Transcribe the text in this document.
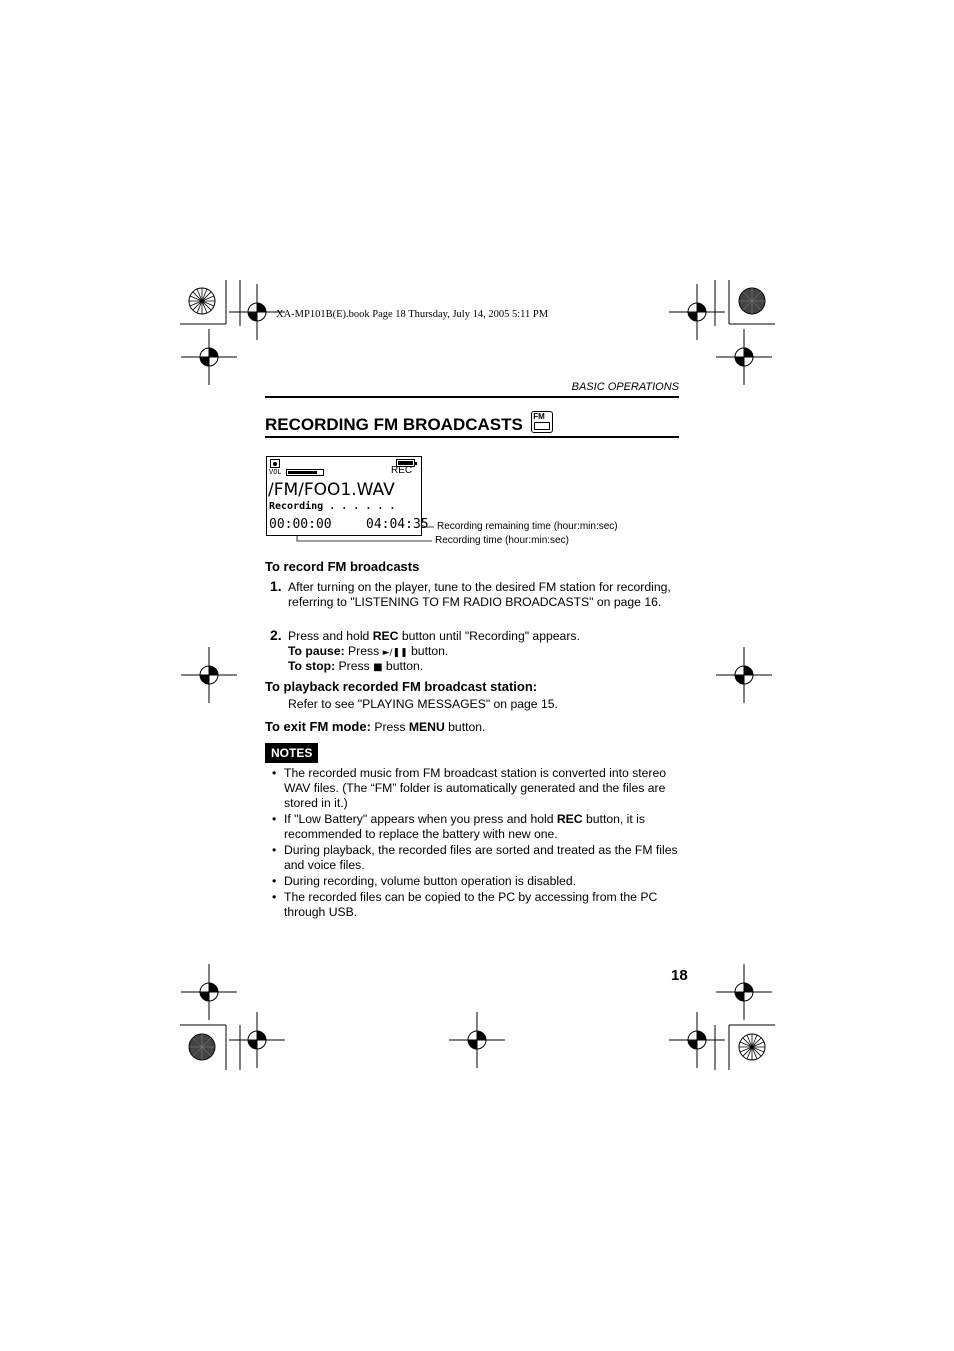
XA-MP101B(E).book Page 18 Thursday, July 14, 2005 5:11 PM
BASIC OPERATIONS
RECORDING FM BROADCASTS FM
VOL	REC
/FM/FOO1.WAV
Recording . . . . . .
00:00:00	04:04:35 Recording remaining time (hour:min:sec)
Recording time (hour:min:sec)
To record FM broadcasts
1. After turning on the player, tune to the desired FM station for recording, referring to "LISTENING TO FM RADIO BROADCASTS" on page 16.
2. Press and hold REC button until "Recording" appears.
To pause: Press ►/❚❚ button.
To stop: Press ■ button.
To playback recorded FM broadcast station:
Refer to see "PLAYING MESSAGES" on page 15.
To exit FM mode: Press MENU button.
NOTES
• The recorded music from FM broadcast station is converted into stereo WAV files. (The “FM” folder is automatically generated and the files are stored in it.)
• If "Low Battery" appears when you press and hold REC button, it is recommended to replace the battery with new one.
• During playback, the recorded files are sorted and treated as the FM files and voice files.
• During recording, volume button operation is disabled.
• The recorded files can be copied to the PC by accessing from the PC through USB.
18
